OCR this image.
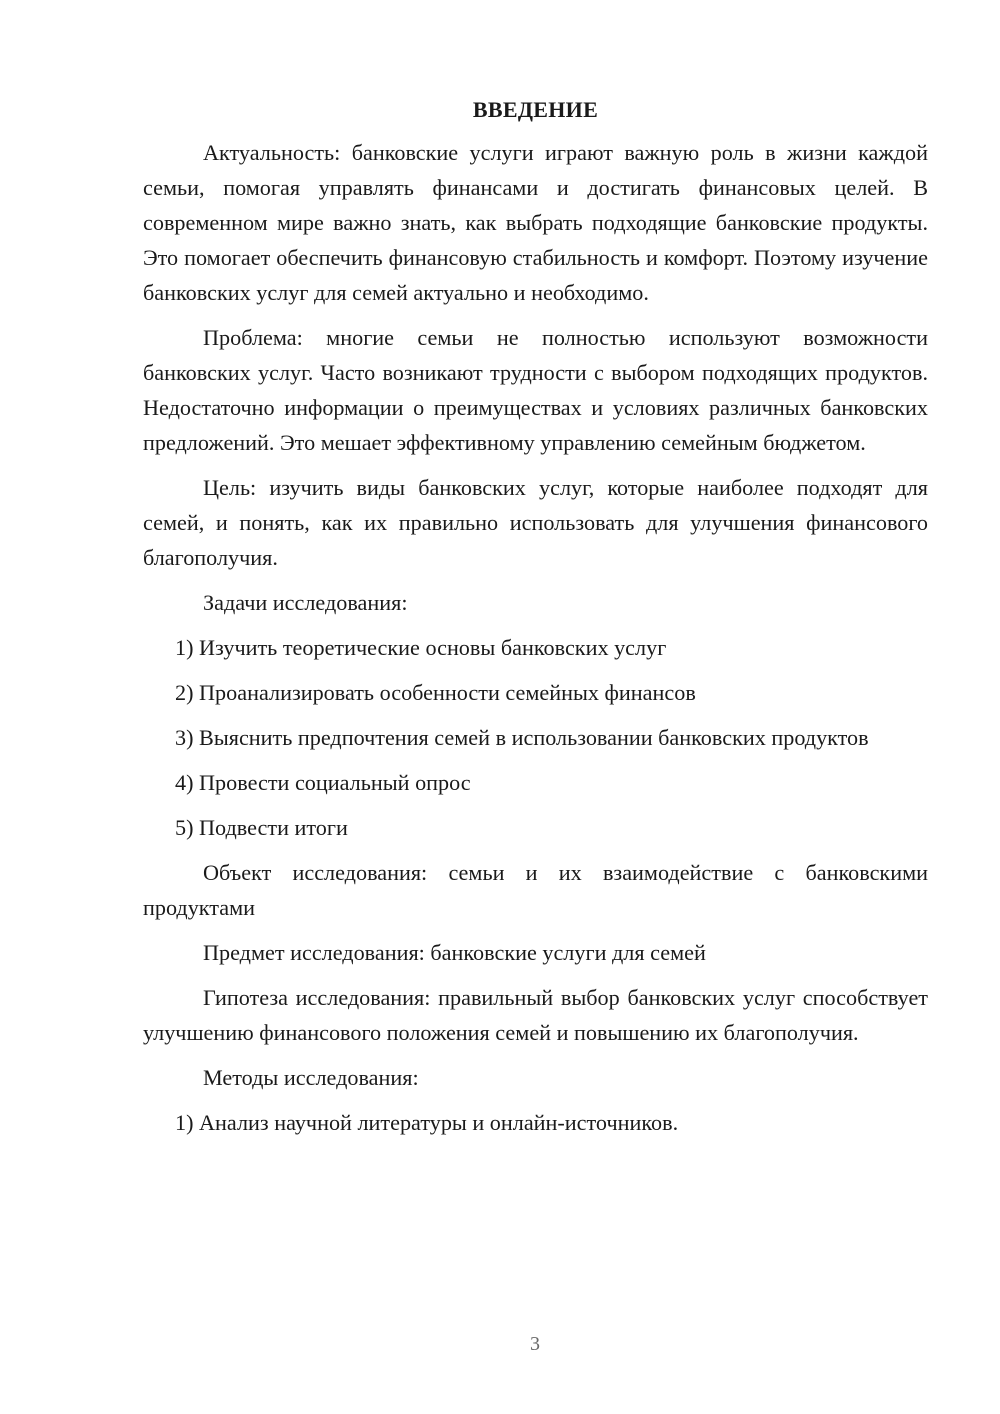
ВВЕДЕНИЕ

Актуальность: банковские услуги играют важную роль в жизни каждой семьи, помогая управлять финансами и достигать финансовых целей. В современном мире важно знать, как выбрать подходящие банковские продукты. Это помогает обеспечить финансовую стабильность и комфорт. Поэтому изучение банковских услуг для семей актуально и необходимо.

Проблема: многие семьи не полностью используют возможности банковских услуг. Часто возникают трудности с выбором подходящих продуктов. Недостаточно информации о преимуществах и условиях различных банковских предложений. Это мешает эффективному управлению семейным бюджетом.

Цель: изучить виды банковских услуг, которые наиболее подходят для семей, и понять, как их правильно использовать для улучшения финансового благополучия.

Задачи исследования:

1) Изучить теоретические основы банковских услуг

2) Проанализировать особенности семейных финансов

3) Выяснить предпочтения семей в использовании банковских продуктов

4) Провести социальный опрос

5) Подвести итоги

Объект исследования: семьи и их взаимодействие с банковскими продуктами

Предмет исследования: банковские услуги для семей

Гипотеза исследования: правильный выбор банковских услуг способствует улучшению финансового положения семей и повышению их благополучия.

Методы исследования:

1) Анализ научной литературы и онлайн-источников.

3
